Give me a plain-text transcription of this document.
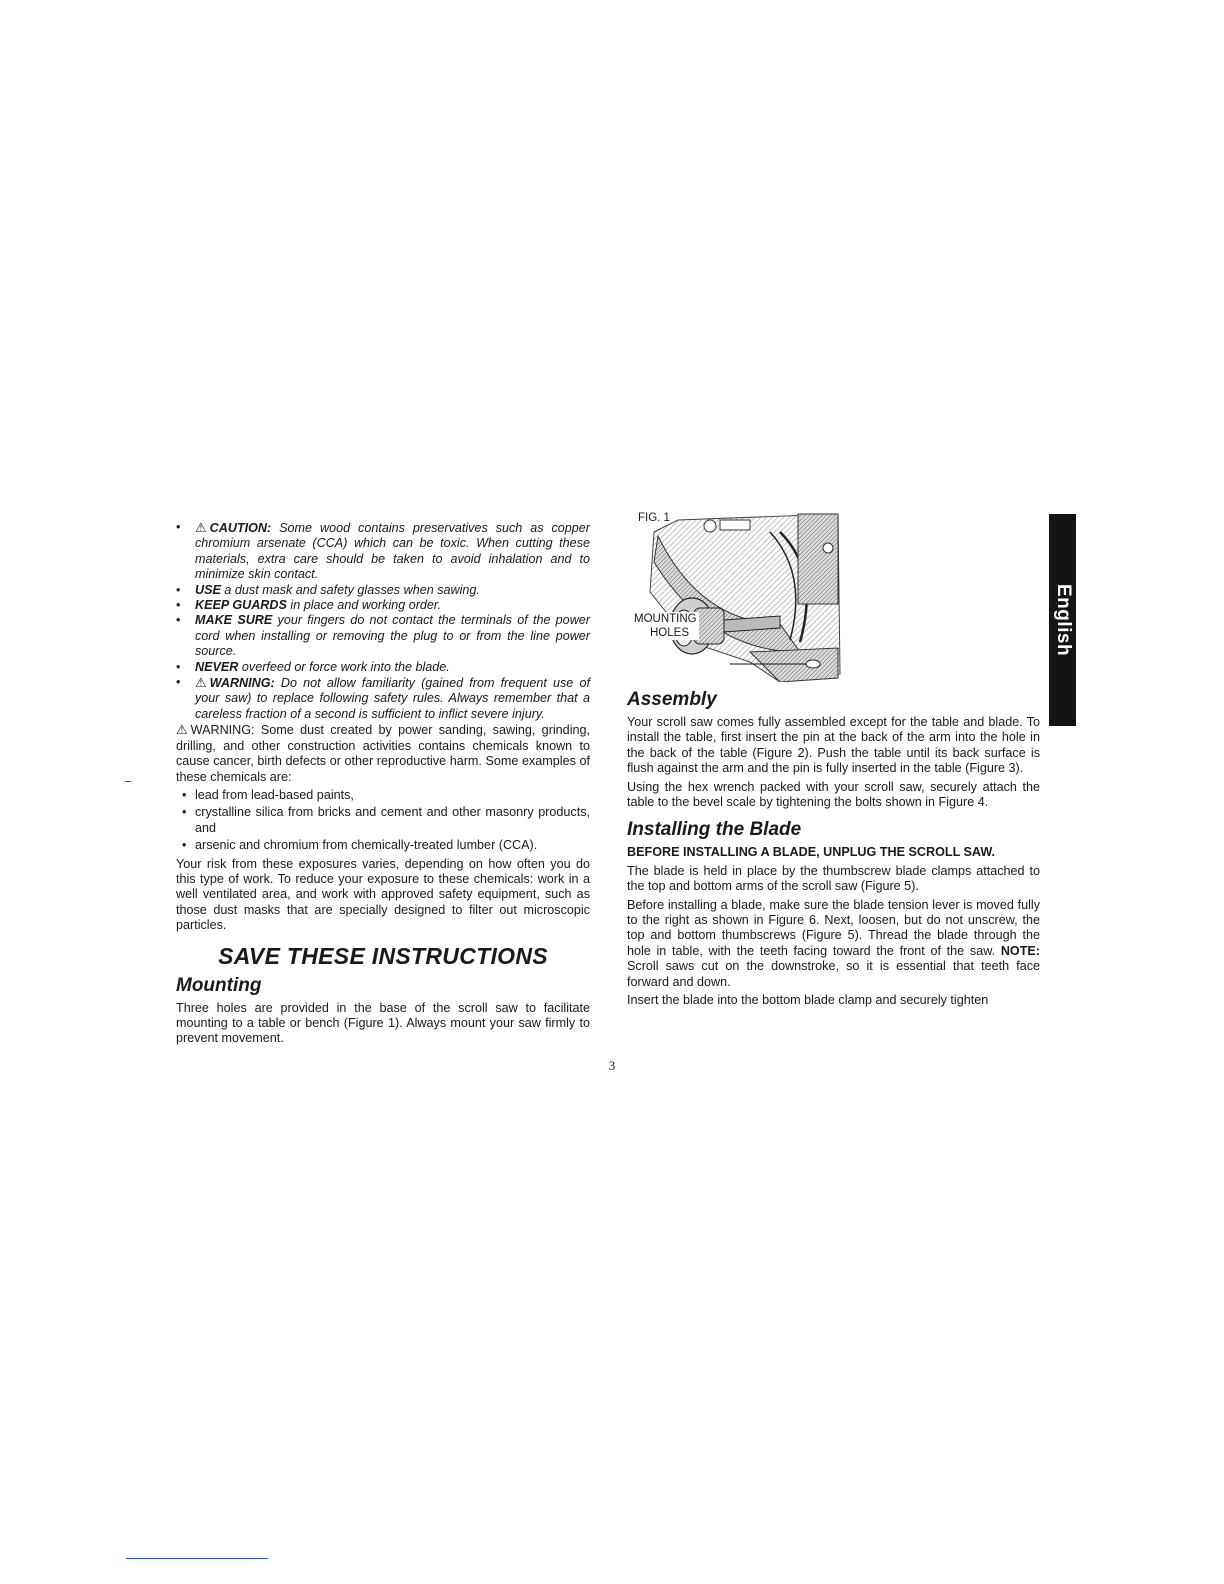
• ⚠ CAUTION: Some wood contains preservatives such as copper chromium arsenate (CCA) which can be toxic. When cutting these materials, extra care should be taken to avoid inhalation and to minimize skin contact.
• USE a dust mask and safety glasses when sawing.
• KEEP GUARDS in place and working order.
• MAKE SURE your fingers do not contact the terminals of the power cord when installing or removing the plug to or from the line power source.
• NEVER overfeed or force work into the blade.
• ⚠ WARNING: Do not allow familiarity (gained from frequent use of your saw) to replace following safety rules. Always remember that a careless fraction of a second is sufficient to inflict severe injury.

⚠ WARNING: Some dust created by power sanding, sawing, grinding, drilling, and other construction activities contains chemicals known to cause cancer, birth defects or other reproductive harm. Some examples of these chemicals are:

• lead from lead-based paints,
• crystalline silica from bricks and cement and other masonry products, and
• arsenic and chromium from chemically-treated lumber (CCA).

Your risk from these exposures varies, depending on how often you do this type of work. To reduce your exposure to these chemicals: work in a well ventilated area, and work with approved safety equipment, such as those dust masks that are specially designed to filter out microscopic particles.

SAVE THESE INSTRUCTIONS
Mounting

Three holes are provided in the base of the scroll saw to facilitate mounting to a table or bench (Figure 1). Always mount your saw firmly to prevent movement.

FIG. 1
MOUNTING
HOLES
Assembly

Your scroll saw comes fully assembled except for the table and blade. To install the table, first insert the pin at the back of the arm into the hole in the back of the table (Figure 2). Push the table until its back surface is flush against the arm and the pin is fully inserted in the table (Figure 3).

Using the hex wrench packed with your scroll saw, securely attach the table to the bevel scale by tightening the bolts shown in Figure 4.

Installing the Blade
BEFORE INSTALLING A BLADE, UNPLUG THE SCROLL SAW.

The blade is held in place by the thumbscrew blade clamps attached to the top and bottom arms of the scroll saw (Figure 5).

Before installing a blade, make sure the blade tension lever is moved fully to the right as shown in Figure 6. Next, loosen, but do not unscrew, the top and bottom thumbscrews (Figure 5). Thread the blade through the hole in table, with the teeth facing toward the front of the saw. NOTE: Scroll saws cut on the downstroke, so it is essential that teeth face forward and down.

Insert the blade into the bottom blade clamp and securely tighten

English
3
